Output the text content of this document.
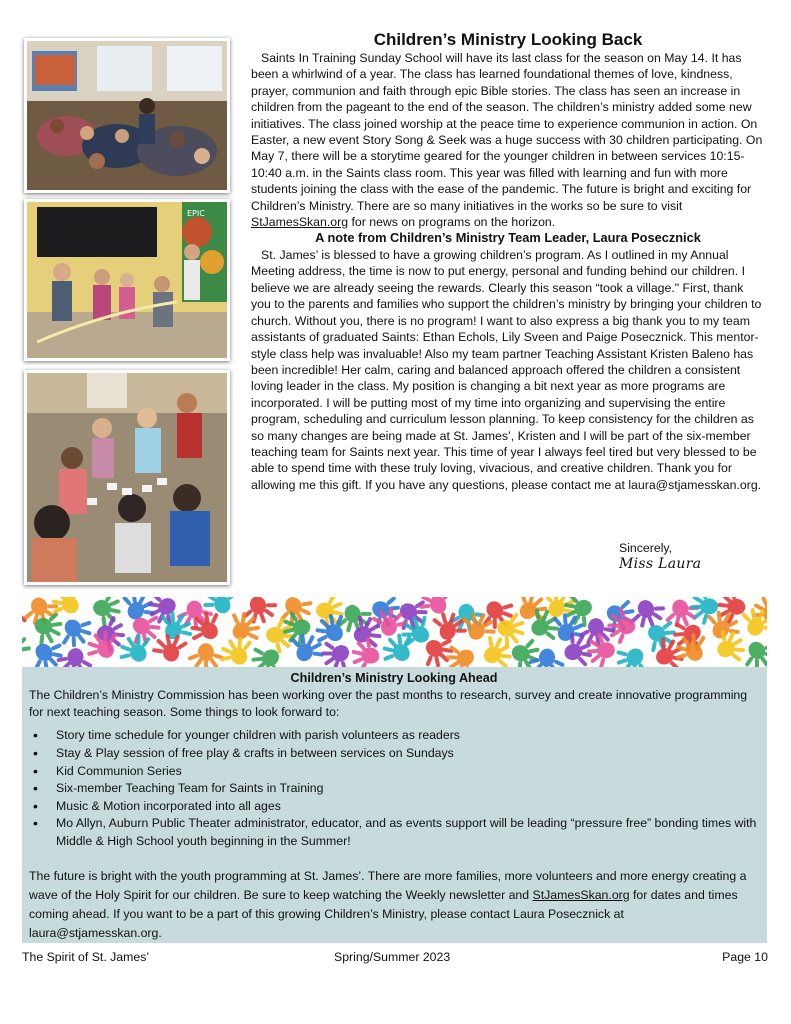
EPIC
Children’s Ministry Looking Back

Saints In Training Sunday School will have its last class for the season on May 14. It has been a whirlwind of a year. The class has learned foundational themes of love, kindness, prayer, communion and faith through epic Bible stories. The class has seen an increase in children from the pageant to the end of the season. The children’s ministry added some new initiatives. The class joined worship at the peace time to experience communion in action. On Easter, a new event Story Song & Seek was a huge success with 30 children participating. On May 7, there will be a storytime geared for the younger children in between services 10:15-10:40 a.m. in the Saints class room. This year was filled with learning and fun with more students joining the class with the ease of the pandemic. The future is bright and exciting for Children’s Ministry. There are so many initiatives in the works so be sure to visit StJamesSkan.org for news on programs on the horizon.

A note from Children’s Ministry Team Leader, Laura Posecznick

St. James’ is blessed to have a growing children’s program. As I outlined in my Annual Meeting address, the time is now to put energy, personal and funding behind our children. I believe we are already seeing the rewards. Clearly this season “took a village." First, thank you to the parents and families who support the children’s ministry by bringing your children to church. Without you, there is no program! I want to also express a big thank you to my team assistants of graduated Saints: Ethan Echols, Lily Sveen and Paige Posecznick. This mentor-style class help was invaluable! Also my team partner Teaching Assistant Kristen Baleno has been incredible! Her calm, caring and balanced approach offered the children a consistent loving leader in the class. My position is changing a bit next year as more programs are incorporated. I will be putting most of my time into organizing and supervising the entire program, scheduling and curriculum lesson planning. To keep consistency for the children as so many changes are being made at St. James’, Kristen and I will be part of the six-member teaching team for Saints next year. This time of year I always feel tired but very blessed to be able to spend time with these truly loving, vivacious, and creative children. Thank you for allowing me this gift. If you have any questions, please contact me at laura@stjamesskan.org.

Sincerely,
Miss Laura
Children’s Ministry Looking Ahead

The Children’s Ministry Commission has been working over the past months to research, survey and create innovative programming for next teaching season. Some things to look forward to:

• Story time schedule for younger children with parish volunteers as readers
• Stay & Play session of free play & crafts in between services on Sundays
• Kid Communion Series
• Six-member Teaching Team for Saints in Training
• Music & Motion incorporated into all ages
• Mo Allyn, Auburn Public Theater administrator, educator, and as events support will be leading “pressure free” bonding times with Middle & High School youth beginning in the Summer!

The future is bright with the youth programming at St. James’. There are more families, more volunteers and more energy creating a wave of the Holy Spirit for our children. Be sure to keep watching the Weekly newsletter and StJamesSkan.org for dates and times coming ahead. If you want to be a part of this growing Children’s Ministry, please contact Laura Posecznick at laura@stjamesskan.org.

The Spirit of St. James’	Spring/Summer 2023	Page 10
